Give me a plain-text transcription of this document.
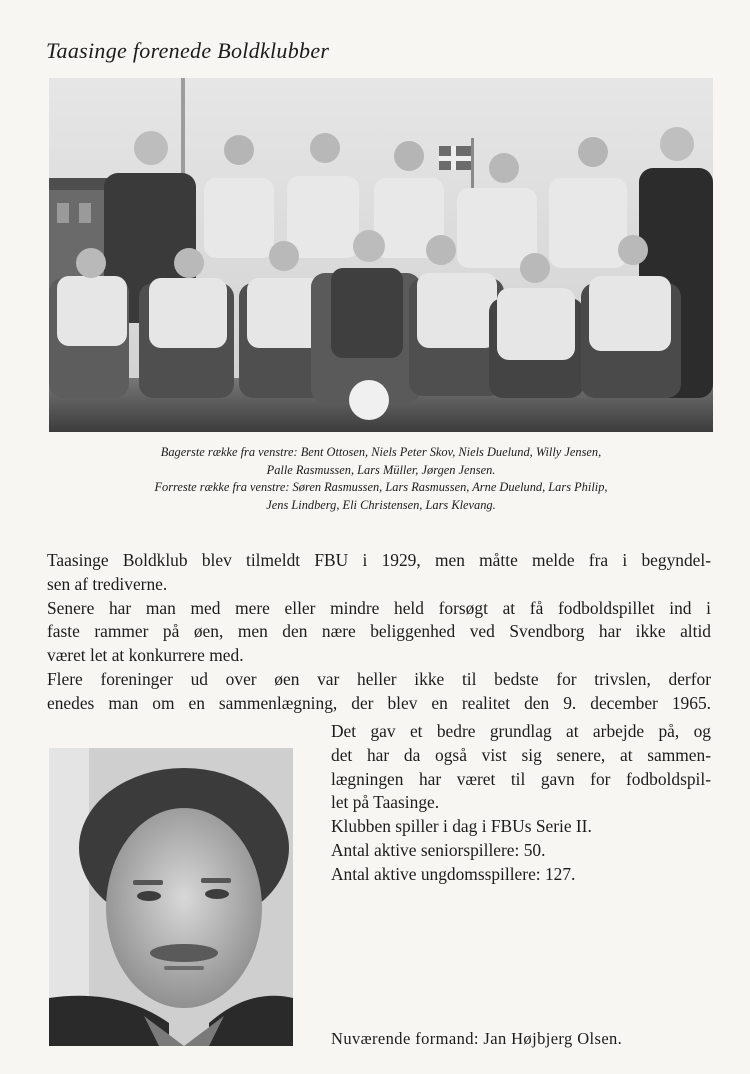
Taasinge forenede Boldklubber
Bagerste række fra venstre: Bent Ottosen, Niels Peter Skov, Niels Duelund, Willy Jensen,
Palle Rasmussen, Lars Müller, Jørgen Jensen.
Forreste række fra venstre: Søren Rasmussen, Lars Rasmussen, Arne Duelund, Lars Philip,
Jens Lindberg, Eli Christensen, Lars Klevang.
Taasinge Boldklub blev tilmeldt FBU i 1929, men måtte melde fra i begyndel-
sen af trediverne.
Senere har man med mere eller mindre held forsøgt at få fodboldspillet ind i
faste rammer på øen, men den nære beliggenhed ved Svendborg har ikke altid
været let at konkurrere med.
Flere foreninger ud over øen var heller ikke til bedste for trivslen, derfor
enedes man om en sammenlægning, der blev en realitet den 9. december 1965.
Det gav et bedre grundlag at arbejde på, og
det har da også vist sig senere, at sammen-
lægningen har været til gavn for fodboldspil-
let på Taasinge.
Klubben spiller i dag i FBUs Serie II.
Antal aktive seniorspillere: 50.
Antal aktive ungdomsspillere: 127.
Nuværende formand: Jan Højbjerg Olsen.
